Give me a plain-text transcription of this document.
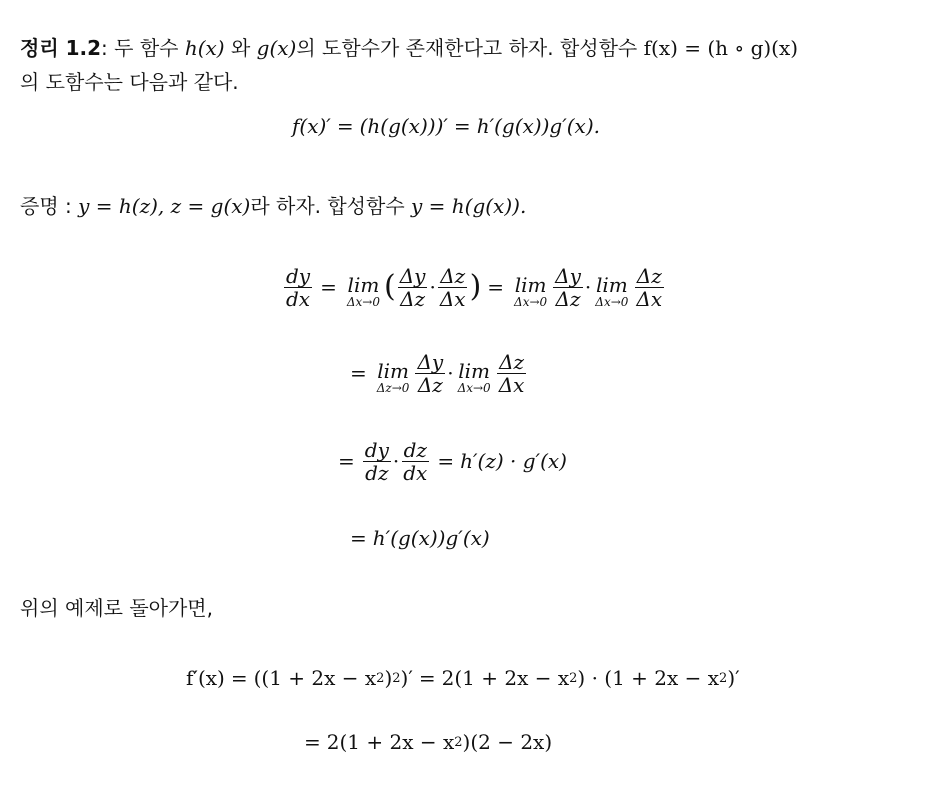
정리 1.2: 두 함수 h(x) 와 g(x)의 도함수가 존재한다고 하자. 합성함수 f(x) = (h ∘ g)(x)
의 도함수는 다음과 같다.
f(x)′ = (h(g(x)))′ = h′(g(x))g′(x).
증명 : y = h(z), z = g(x)라 하자. 합성함수 y = h(g(x)).
$\frac{dy}{dx} = \lim$
Δx→0 ( $\frac{\Delta y}{\Delta z} \cdot \frac{\Delta z}{\Delta x}$ ) = lim
$\Delta x\to 0 \frac{\Delta y}{\Delta z} \cdot \lim$
$\Delta x\to 0 \frac{\Delta z}{\Delta x}$
= lim
$\Delta z\to 0 \frac{\Delta y}{\Delta z} \cdot \lim$
$\Delta x\to 0 \frac{\Delta z}{\Delta x}$
= $\frac{dy}{dz} \cdot \frac{dz}{dx} = h'(z) \cdot g'(x)$
= h′(g(x))g′(x)
위의 예제로 돌아가면,
f′(x) = ((1 + 2x − x 2 ) 2 )′ = 2(1 + 2x − x 2 ) · (1 + 2x − x 2 )′
= 2(1 + 2x − x 2 )(2 − 2x)
